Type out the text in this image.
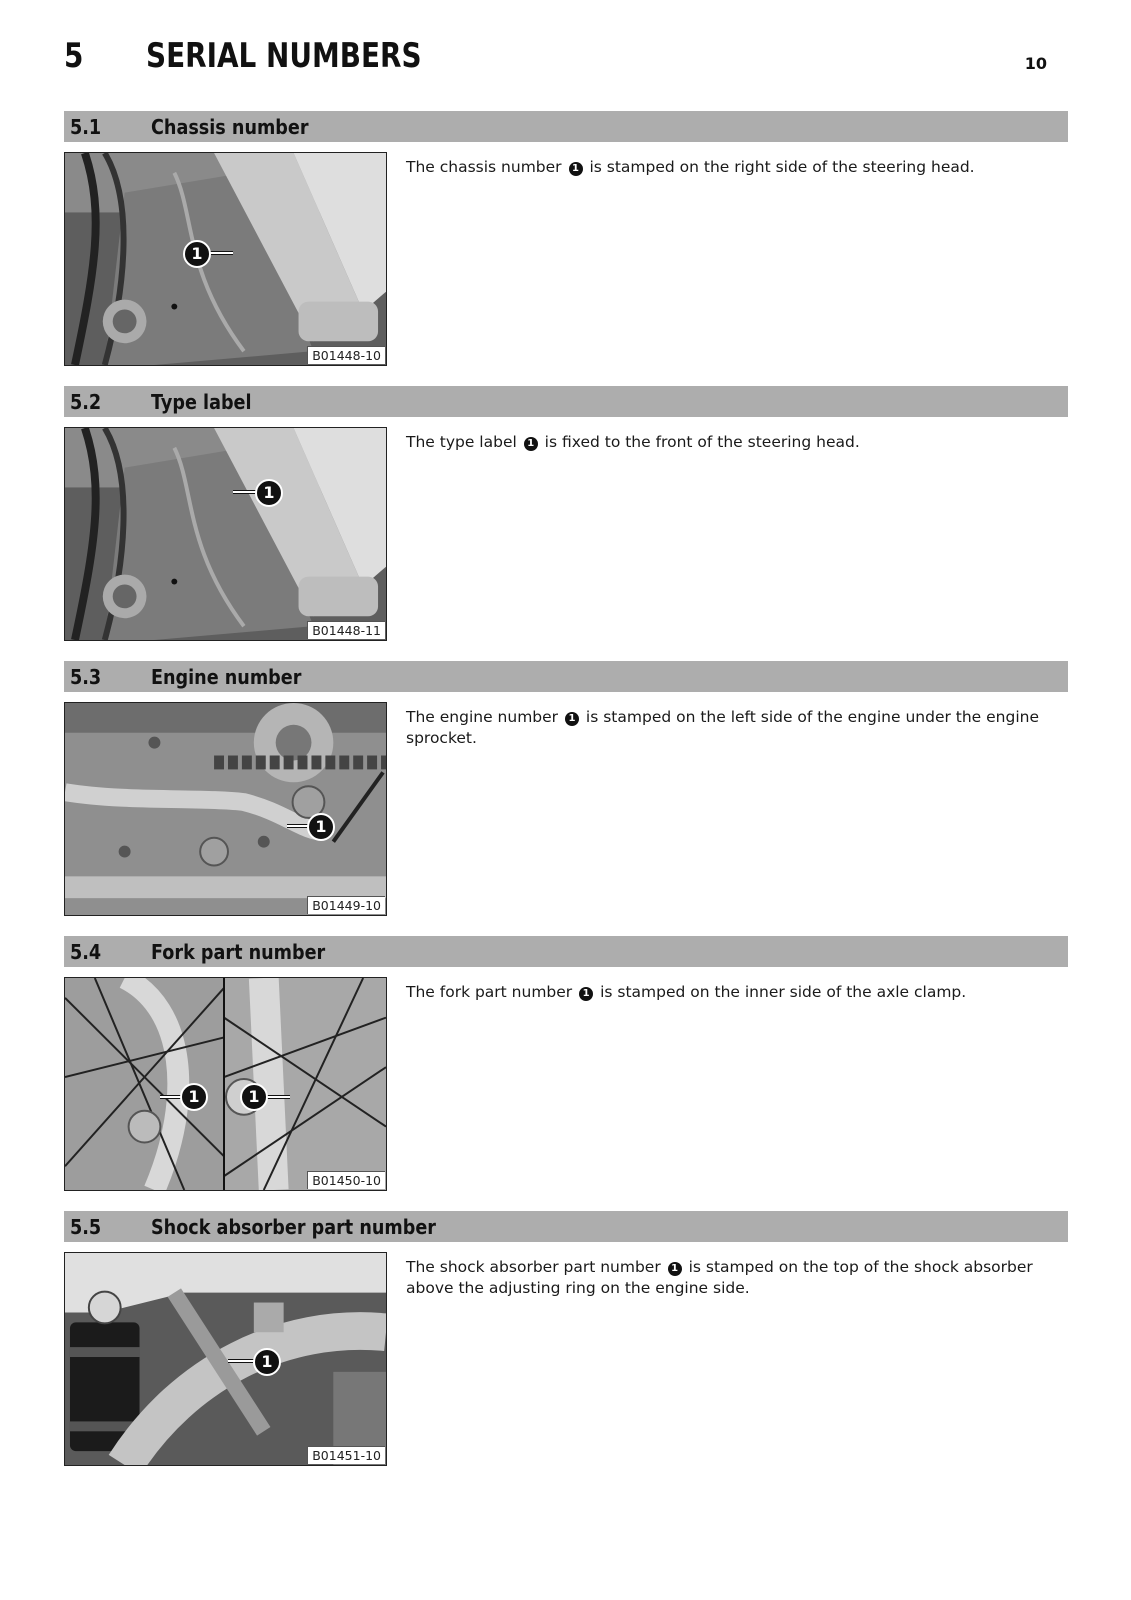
5 SERIAL NUMBERS	10
5.1 Chassis number
1
B01448-10
The chassis number 1 is stamped on the right side of the steering head.
5.2 Type label
1
B01448-11
The type label 1 is fixed to the front of the steering head.
5.3 Engine number
1
B01449-10
The engine number 1 is stamped on the left side of the engine under the engine sprocket.
5.4 Fork part number
1	1
B01450-10
The fork part number 1 is stamped on the inner side of the axle clamp.
5.5 Shock absorber part number
1
B01451-10
The shock absorber part number 1 is stamped on the top of the shock absorber above the adjusting ring on the engine side.
